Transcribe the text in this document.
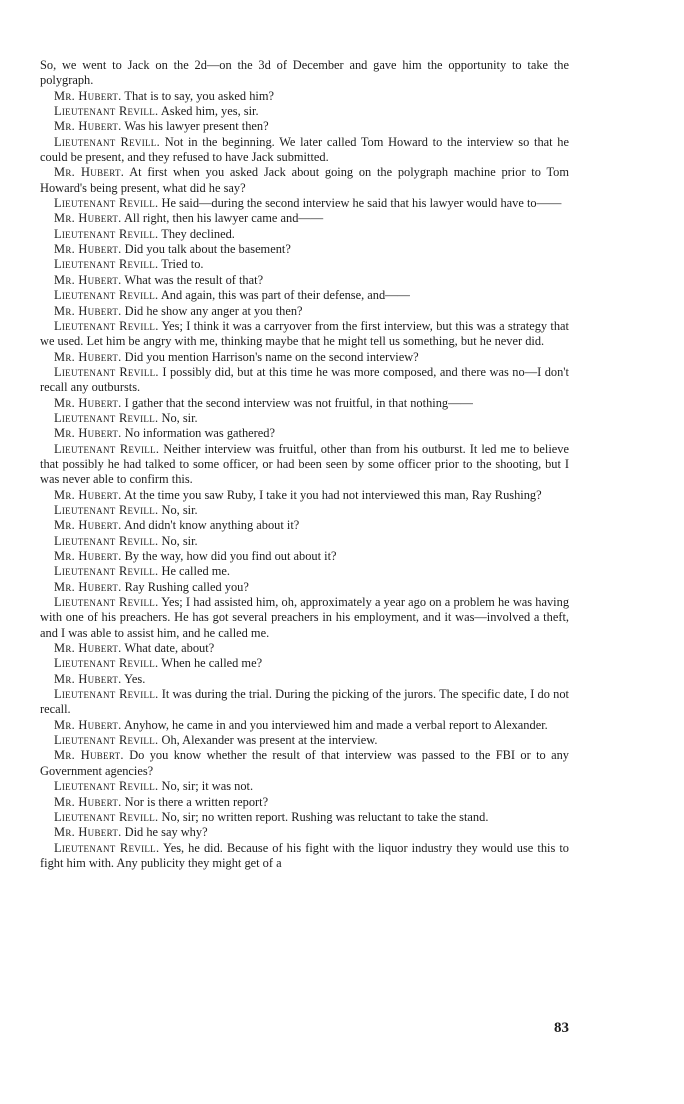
So, we went to Jack on the 2d—on the 3d of December and gave him the opportunity to take the polygraph.

Mr. Hubert. That is to say, you asked him?

Lieutenant Revill. Asked him, yes, sir.

Mr. Hubert. Was his lawyer present then?

Lieutenant Revill. Not in the beginning. We later called Tom Howard to the interview so that he could be present, and they refused to have Jack submitted.

Mr. Hubert. At first when you asked Jack about going on the polygraph machine prior to Tom Howard's being present, what did he say?

Lieutenant Revill. He said—during the second interview he said that his lawyer would have to——

Mr. Hubert. All right, then his lawyer came and——

Lieutenant Revill. They declined.

Mr. Hubert. Did you talk about the basement?

Lieutenant Revill. Tried to.

Mr. Hubert. What was the result of that?

Lieutenant Revill. And again, this was part of their defense, and——

Mr. Hubert. Did he show any anger at you then?

Lieutenant Revill. Yes; I think it was a carryover from the first interview, but this was a strategy that we used. Let him be angry with me, thinking maybe that he might tell us something, but he never did.

Mr. Hubert. Did you mention Harrison's name on the second interview?

Lieutenant Revill. I possibly did, but at this time he was more composed, and there was no—I don't recall any outbursts.

Mr. Hubert. I gather that the second interview was not fruitful, in that nothing——

Lieutenant Revill. No, sir.

Mr. Hubert. No information was gathered?

Lieutenant Revill. Neither interview was fruitful, other than from his outburst. It led me to believe that possibly he had talked to some officer, or had been seen by some officer prior to the shooting, but I was never able to confirm this.

Mr. Hubert. At the time you saw Ruby, I take it you had not interviewed this man, Ray Rushing?

Lieutenant Revill. No, sir.

Mr. Hubert. And didn't know anything about it?

Lieutenant Revill. No, sir.

Mr. Hubert. By the way, how did you find out about it?

Lieutenant Revill. He called me.

Mr. Hubert. Ray Rushing called you?

Lieutenant Revill. Yes; I had assisted him, oh, approximately a year ago on a problem he was having with one of his preachers. He has got several preachers in his employment, and it was—involved a theft, and I was able to assist him, and he called me.

Mr. Hubert. What date, about?

Lieutenant Revill. When he called me?

Mr. Hubert. Yes.

Lieutenant Revill. It was during the trial. During the picking of the jurors. The specific date, I do not recall.

Mr. Hubert. Anyhow, he came in and you interviewed him and made a verbal report to Alexander.

Lieutenant Revill. Oh, Alexander was present at the interview.

Mr. Hubert. Do you know whether the result of that interview was passed to the FBI or to any Government agencies?

Lieutenant Revill. No, sir; it was not.

Mr. Hubert. Nor is there a written report?

Lieutenant Revill. No, sir; no written report. Rushing was reluctant to take the stand.

Mr. Hubert. Did he say why?

Lieutenant Revill. Yes, he did. Because of his fight with the liquor industry they would use this to fight him with. Any publicity they might get of a

83
